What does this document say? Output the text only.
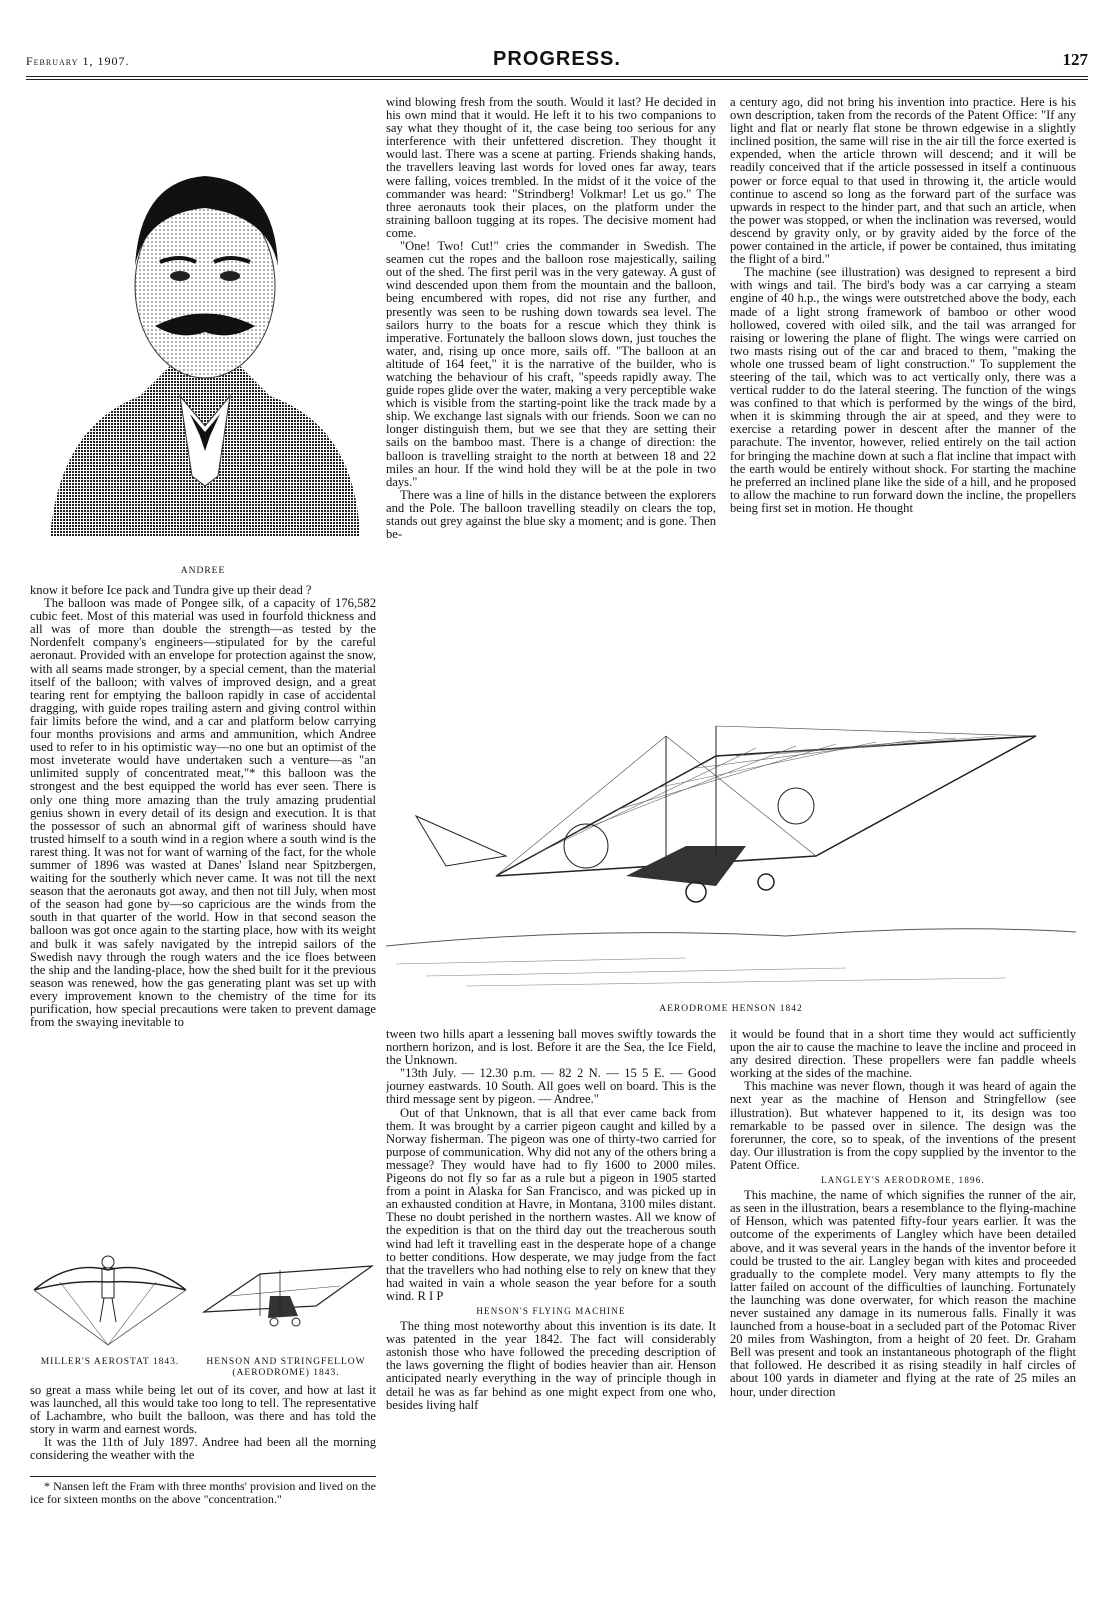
February 1, 1907.	PROGRESS.	127
ANDREE

know it before Ice pack and Tundra give up their dead ?

The balloon was made of Pongee silk, of a capacity of 176,582 cubic feet. Most of this material was used in fourfold thickness and all was of more than double the strength—as tested by the Nordenfelt company's engineers—stipulated for by the careful aeronaut. Provided with an envelope for protection against the snow, with all seams made stronger, by a special cement, than the material itself of the balloon; with valves of improved design, and a great tearing rent for emptying the balloon rapidly in case of accidental dragging, with guide ropes trailing astern and giving control within fair limits before the wind, and a car and platform below carrying four months provisions and arms and ammunition, which Andree used to refer to in his optimistic way—no one but an optimist of the most inveterate would have undertaken such a venture—as "an unlimited supply of concentrated meat,"* this balloon was the strongest and the best equipped the world has ever seen. There is only one thing more amazing than the truly amazing prudential genius shown in every detail of its design and execution. It is that the possessor of such an abnormal gift of wariness should have trusted himself to a south wind in a region where a south wind is the rarest thing. It was not for want of warning of the fact, for the whole summer of 1896 was wasted at Danes' Island near Spitzbergen, waiting for the southerly which never came. It was not till the next season that the aeronauts got away, and then not till July, when most of the season had gone by—so capricious are the winds from the south in that quarter of the world. How in that second season the balloon was got once again to the starting place, how with its weight and bulk it was safely navigated by the intrepid sailors of the Swedish navy through the rough waters and the ice floes between the ship and the landing-place, how the shed built for it the previous season was renewed, how the gas generating plant was set up with every improvement known to the chemistry of the time for its purification, how special precautions were taken to prevent damage from the swaying inevitable to

MILLER'S AEROSTAT 1843.	HENSON AND STRINGFELLOW (AERODROME) 1843.

so great a mass while being let out of its cover, and how at last it was launched, all this would take too long to tell. The representative of Lachambre, who built the balloon, was there and has told the story in warm and earnest words.

It was the 11th of July 1897. Andree had been all the morning considering the weather with the

* Nansen left the Fram with three months' provision and lived on the ice for sixteen months on the above "concentration."

wind blowing fresh from the south. Would it last? He decided in his own mind that it would. He left it to his two companions to say what they thought of it, the case being too serious for any interference with their unfettered discretion. They thought it would last. There was a scene at parting. Friends shaking hands, the travellers leaving last words for loved ones far away, tears were falling, voices trembled. In the midst of it the voice of the commander was heard: "Strindberg! Volkmar! Let us go." The three aeronauts took their places, on the platform under the straining balloon tugging at its ropes. The decisive moment had come.

"One! Two! Cut!" cries the commander in Swedish. The seamen cut the ropes and the balloon rose majestically, sailing out of the shed. The first peril was in the very gateway. A gust of wind descended upon them from the mountain and the balloon, being encumbered with ropes, did not rise any further, and presently was seen to be rushing down towards sea level. The sailors hurry to the boats for a rescue which they think is imperative. Fortunately the balloon slows down, just touches the water, and, rising up once more, sails off. "The balloon at an altitude of 164 feet," it is the narrative of the builder, who is watching the behaviour of his craft, "speeds rapidly away. The guide ropes glide over the water, making a very perceptible wake which is visible from the starting-point like the track made by a ship. We exchange last signals with our friends. Soon we can no longer distinguish them, but we see that they are setting their sails on the bamboo mast. There is a change of direction: the balloon is travelling straight to the north at between 18 and 22 miles an hour. If the wind hold they will be at the pole in two days."

There was a line of hills in the distance between the explorers and the Pole. The balloon travelling steadily on clears the top, stands out grey against the blue sky a moment; and is gone. Then be-

a century ago, did not bring his invention into practice. Here is his own description, taken from the records of the Patent Office: "If any light and flat or nearly flat stone be thrown edgewise in a slightly inclined position, the same will rise in the air till the force exerted is expended, when the article thrown will descend; and it will be readily conceived that if the article possessed in itself a continuous power or force equal to that used in throwing it, the article would continue to ascend so long as the forward part of the surface was upwards in respect to the hinder part, and that such an article, when the power was stopped, or when the inclination was reversed, would descend by gravity only, or by gravity aided by the force of the power contained in the article, if power be contained, thus imitating the flight of a bird."

The machine (see illustration) was designed to represent a bird with wings and tail. The bird's body was a car carrying a steam engine of 40 h.p., the wings were outstretched above the body, each made of a light strong framework of bamboo or other wood hollowed, covered with oiled silk, and the tail was arranged for raising or lowering the plane of flight. The wings were carried on two masts rising out of the car and braced to them, "making the whole one trussed beam of light construction." To supplement the steering of the tail, which was to act vertically only, there was a vertical rudder to do the lateral steering. The function of the wings was confined to that which is performed by the wings of the bird, when it is skimming through the air at speed, and they were to exercise a retarding power in descent after the manner of the parachute. The inventor, however, relied entirely on the tail action for bringing the machine down at such a flat incline that impact with the earth would be entirely without shock. For starting the machine he preferred an inclined plane like the side of a hill, and he proposed to allow the machine to run forward down the incline, the propellers being first set in motion. He thought

AERODROME HENSON 1842

tween two hills apart a lessening ball moves swiftly towards the northern horizon, and is lost. Before it are the Sea, the Ice Field, the Unknown.

"13th July. — 12.30 p.m. — 82 2 N. — 15 5 E. — Good journey eastwards. 10 South. All goes well on board. This is the third message sent by pigeon. — Andree."

Out of that Unknown, that is all that ever came back from them. It was brought by a carrier pigeon caught and killed by a Norway fisherman. The pigeon was one of thirty-two carried for purpose of communication. Why did not any of the others bring a message? They would have had to fly 1600 to 2000 miles. Pigeons do not fly so far as a rule but a pigeon in 1905 started from a point in Alaska for San Francisco, and was picked up in an exhausted condition at Havre, in Montana, 3100 miles distant. These no doubt perished in the northern wastes. All we know of the expedition is that on the third day out the treacherous south wind had left it travelling east in the desperate hope of a change to better conditions. How desperate, we may judge from the fact that the travellers who had nothing else to rely on knew that they had waited in vain a whole season the year before for a south wind. R I P

HENSON'S FLYING MACHINE

The thing most noteworthy about this invention is its date. It was patented in the year 1842. The fact will considerably astonish those who have followed the preceding description of the laws governing the flight of bodies heavier than air. Henson anticipated nearly everything in the way of principle though in detail he was as far behind as one might expect from one who, besides living half

it would be found that in a short time they would act sufficiently upon the air to cause the machine to leave the incline and proceed in any desired direction. These propellers were fan paddle wheels working at the sides of the machine.

This machine was never flown, though it was heard of again the next year as the machine of Henson and Stringfellow (see illustration). But whatever happened to it, its design was too remarkable to be passed over in silence. The design was the forerunner, the core, so to speak, of the inventions of the present day. Our illustration is from the copy supplied by the inventor to the Patent Office.

LANGLEY'S AERODROME, 1896.

This machine, the name of which signifies the runner of the air, as seen in the illustration, bears a resemblance to the flying-machine of Henson, which was patented fifty-four years earlier. It was the outcome of the experiments of Langley which have been detailed above, and it was several years in the hands of the inventor before it could be trusted to the air. Langley began with kites and proceeded gradually to the complete model. Very many attempts to fly the latter failed on account of the difficulties of launching. Fortunately the launching was done overwater, for which reason the machine never sustained any damage in its numerous falls. Finally it was launched from a house-boat in a secluded part of the Potomac River 20 miles from Washington, from a height of 20 feet. Dr. Graham Bell was present and took an instantaneous photograph of the flight that followed. He described it as rising steadily in half circles of about 100 yards in diameter and flying at the rate of 25 miles an hour, under direction
